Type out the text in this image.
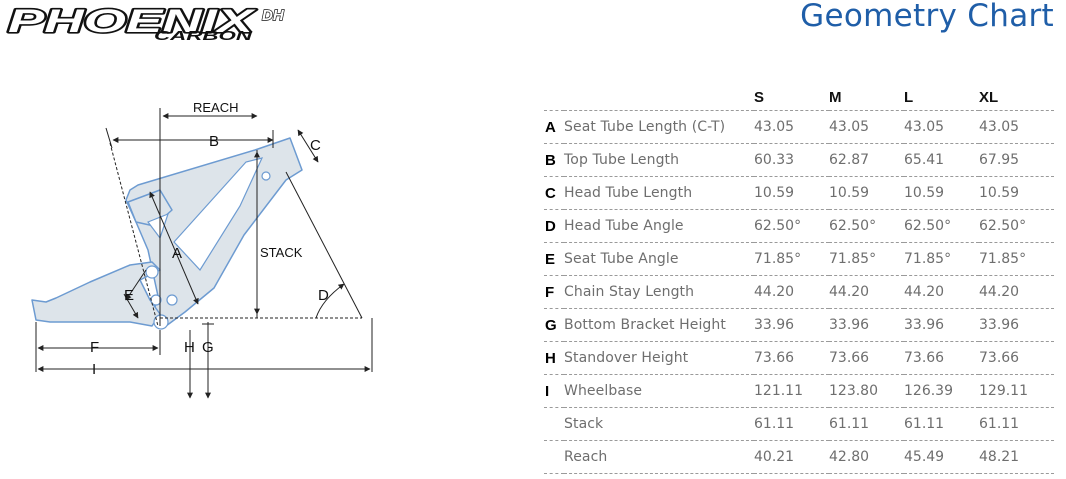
PHOENIX DH
CARBON
Geometry Chart
REACH
B	C
A	STACK
D
E
F	H G
I
		S	M	L	XL
A	Seat Tube Length (C-T)	43.05	43.05	43.05	43.05
B	Top Tube Length	60.33	62.87	65.41	67.95
C	Head Tube Length	10.59	10.59	10.59	10.59
D	Head Tube Angle	62.50°	62.50°	62.50°	62.50°
E	Seat Tube Angle	71.85°	71.85°	71.85°	71.85°
F	Chain Stay Length	44.20	44.20	44.20	44.20
G	Bottom Bracket Height	33.96	33.96	33.96	33.96
H	Standover Height	73.66	73.66	73.66	73.66
I	Wheelbase	121.11	123.80	126.39	129.11
	Stack	61.11	61.11	61.11	61.11
	Reach	40.21	42.80	45.49	48.21
